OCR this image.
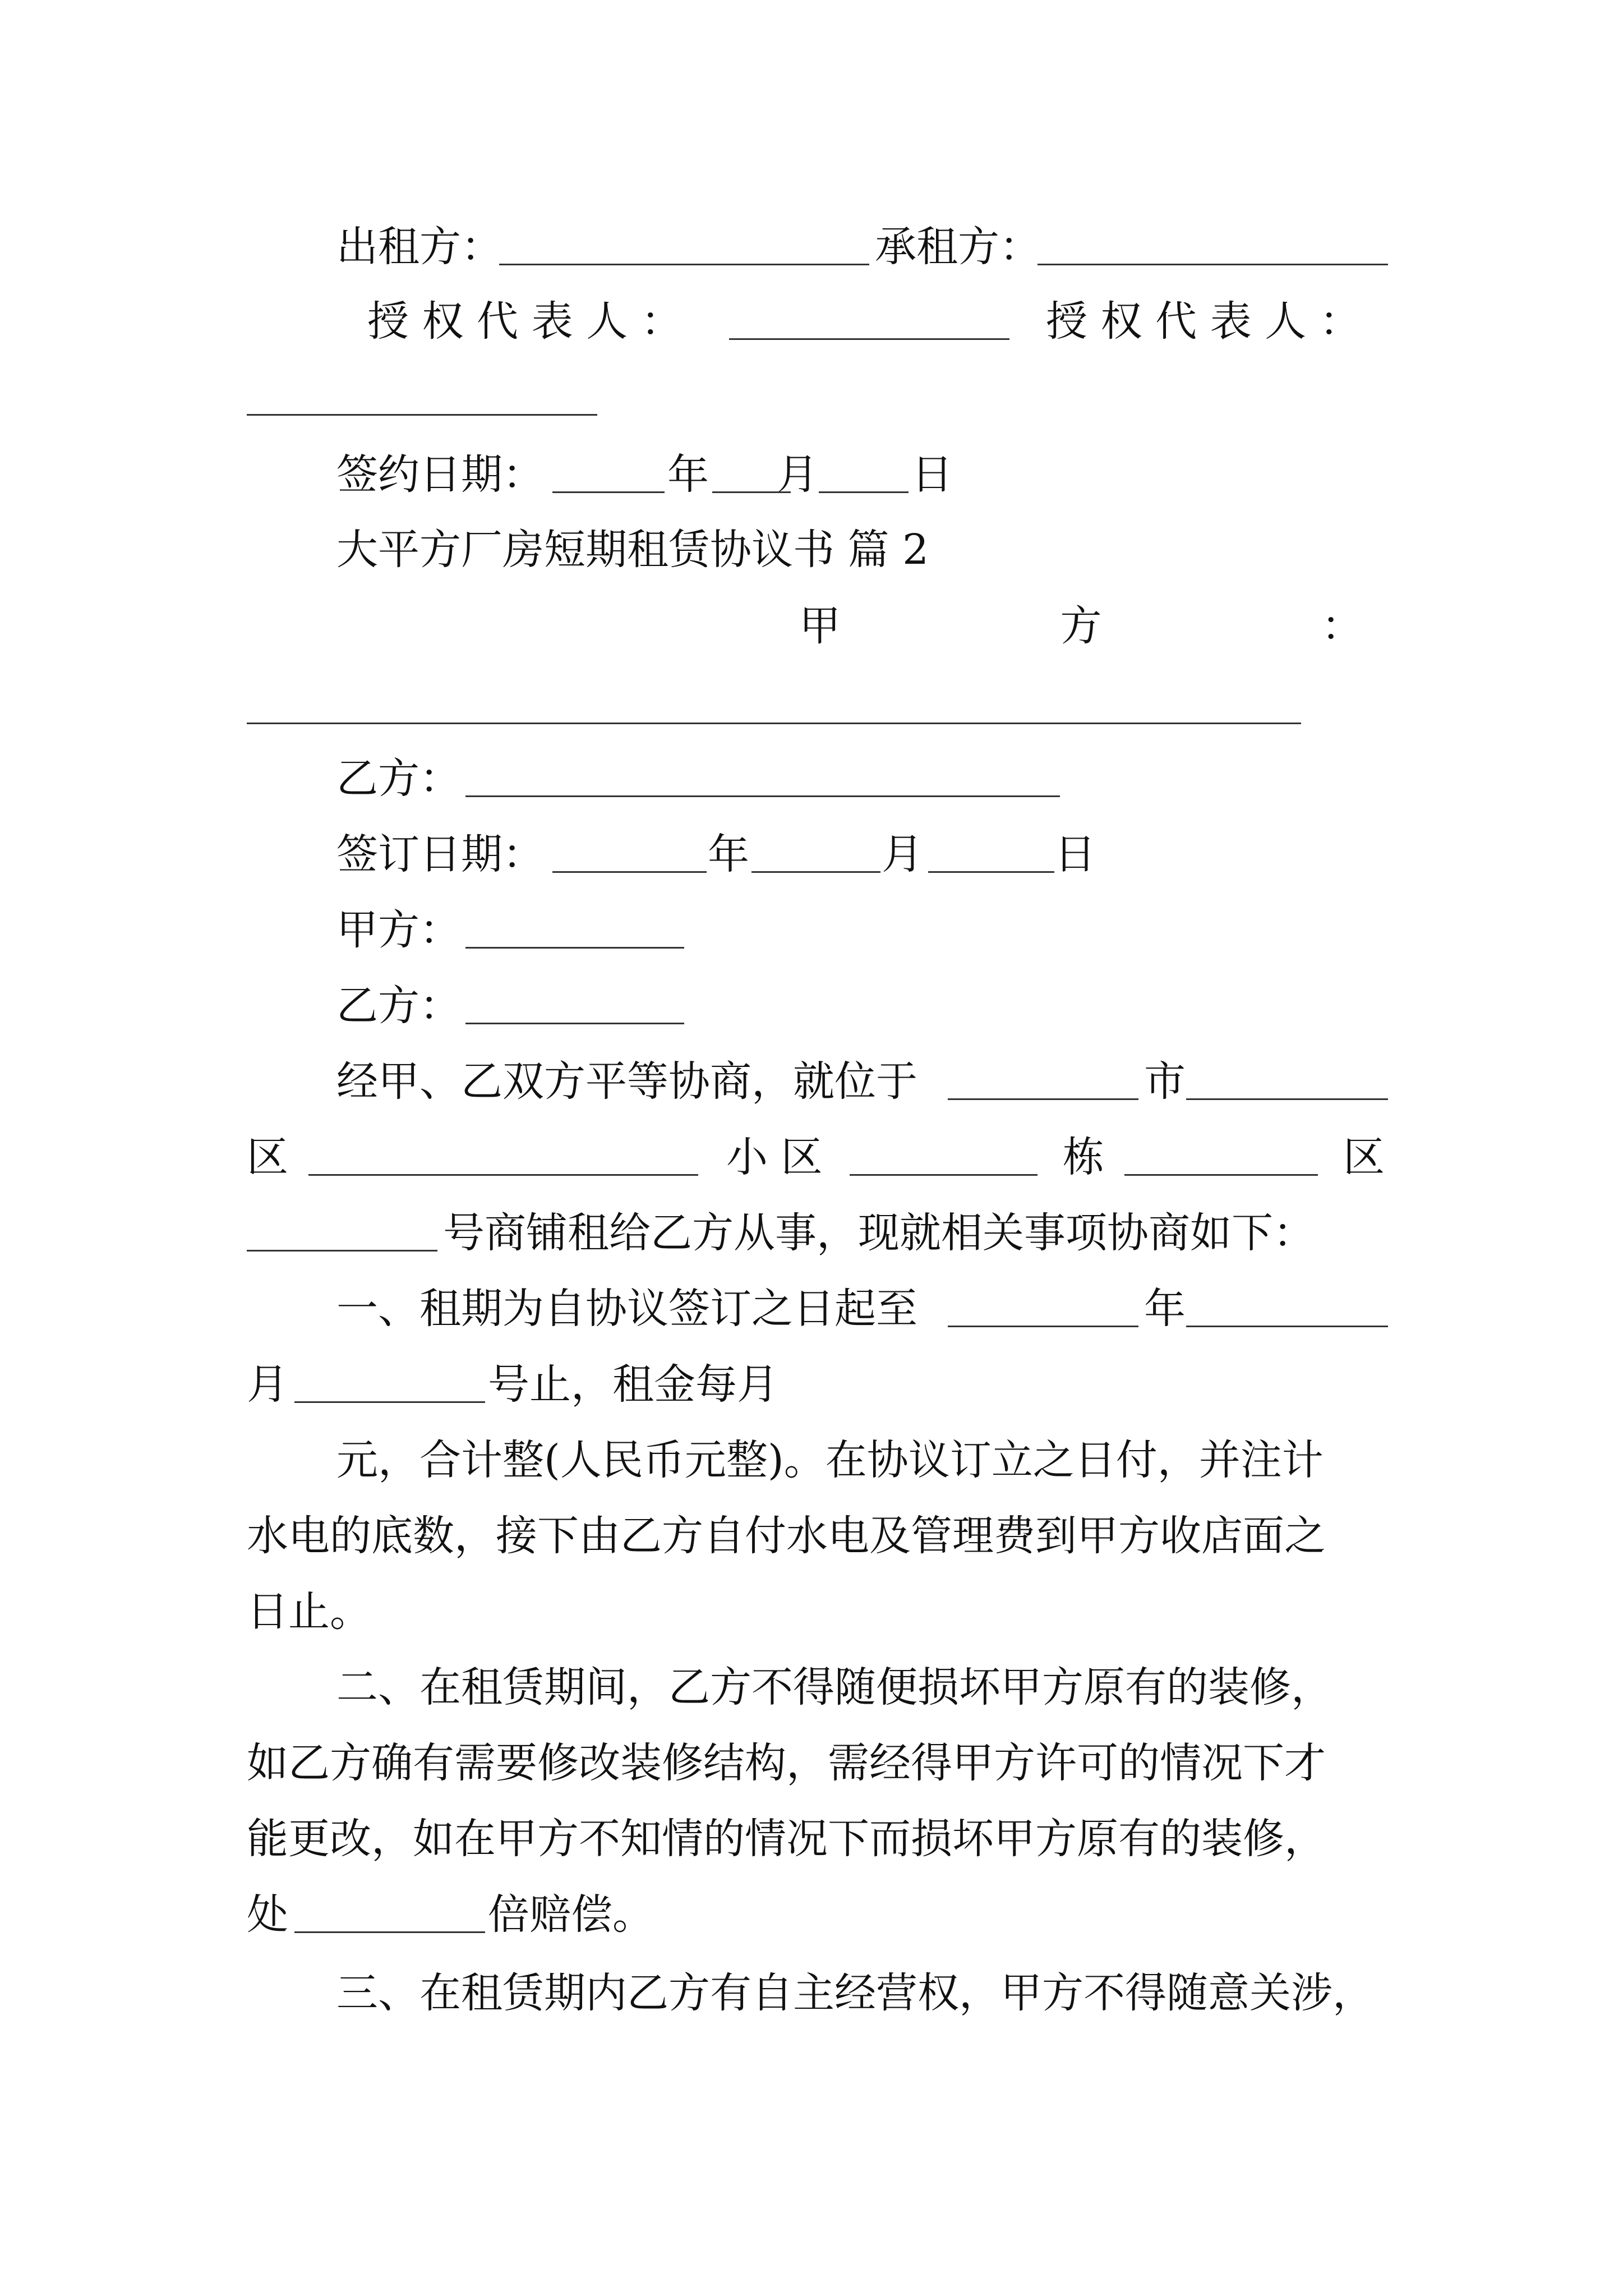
出租方：	承租方：
授 权 代 表 人 ：	授 权 代 表 人 ：
签约日期：	年 月 日
大平方厂房短期租赁协议书 篇 2
甲	方	：
乙方：
签订日期：	年	月	日
甲方：
乙方：
经甲、乙双方平等协商，就位于	市
区	小 区	栋	区
号商铺租给乙方从事，现就相关事项协商如下：
一、租期为自协议签订之日起至	年
月	号止，租金每月
元，合计整(人民币元整)。在协议订立之日付，并注计
水电的底数，接下由乙方自付水电及管理费到甲方收店面之
日止。
二、在租赁期间，乙方不得随便损坏甲方原有的装修，
如乙方确有需要修改装修结构，需经得甲方许可的情况下才
能更改，如在甲方不知情的情况下而损坏甲方原有的装修，
处	倍赔偿。
三、在租赁期内乙方有自主经营权，甲方不得随意关涉，
